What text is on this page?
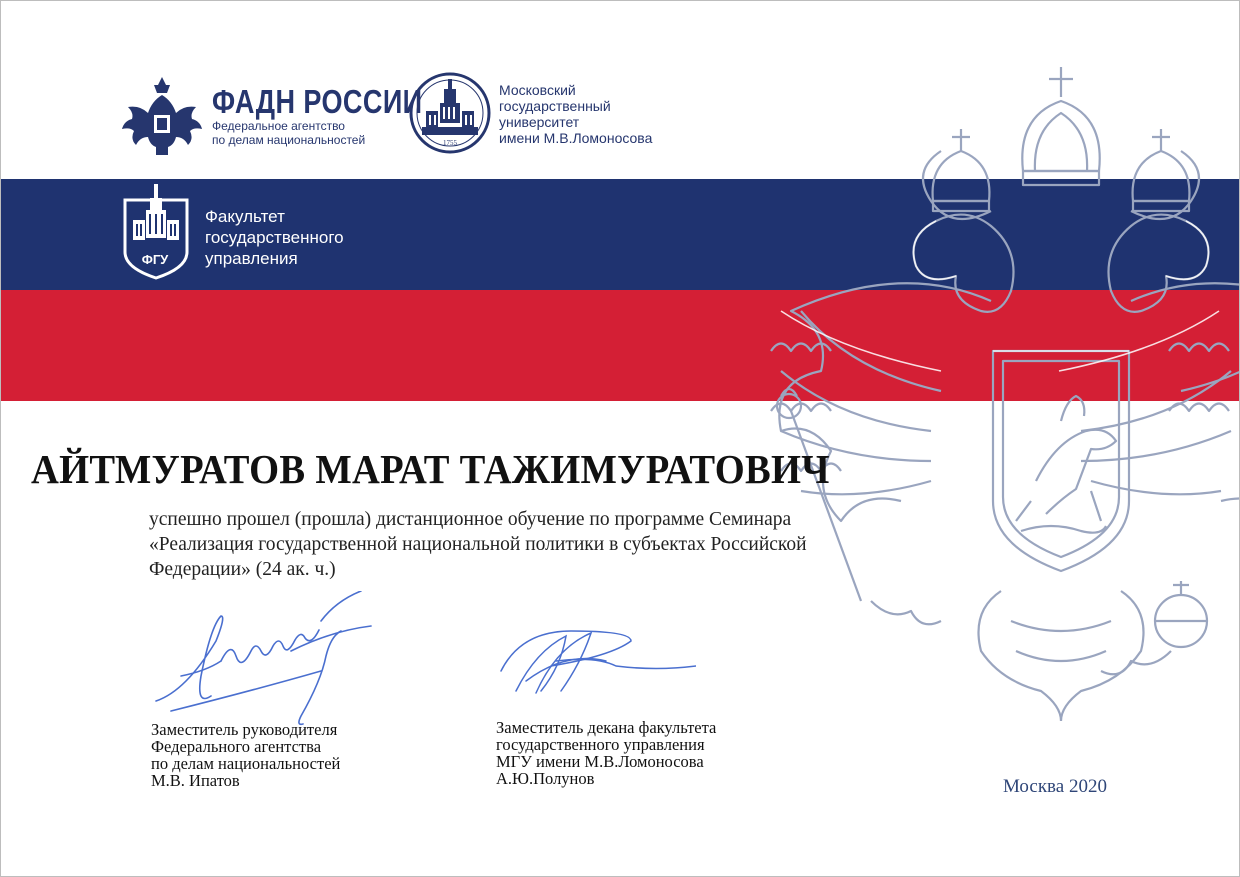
ФАДН РОССИИ
Федеральное агентство
по делам национальностей	1755
Московский
государственный
университет
имени М.В.Ломоносова
ФГУ
Факультет
государственного
управления
АЙТМУРАТОВ МАРАТ ТАЖИМУРАТОВИЧ
успешно прошел (прошла) дистанционное обучение по программе Семинара «Реализация государственной национальной политики в субъектах Российской Федерации» (24 ак. ч.)
Заместитель руководителя
Федерального агентства
по делам национальностей
М.В. Ипатов
Заместитель декана факультета
государственного управления
МГУ имени М.В.Ломоносова
А.Ю.Полунов	Москва 2020
